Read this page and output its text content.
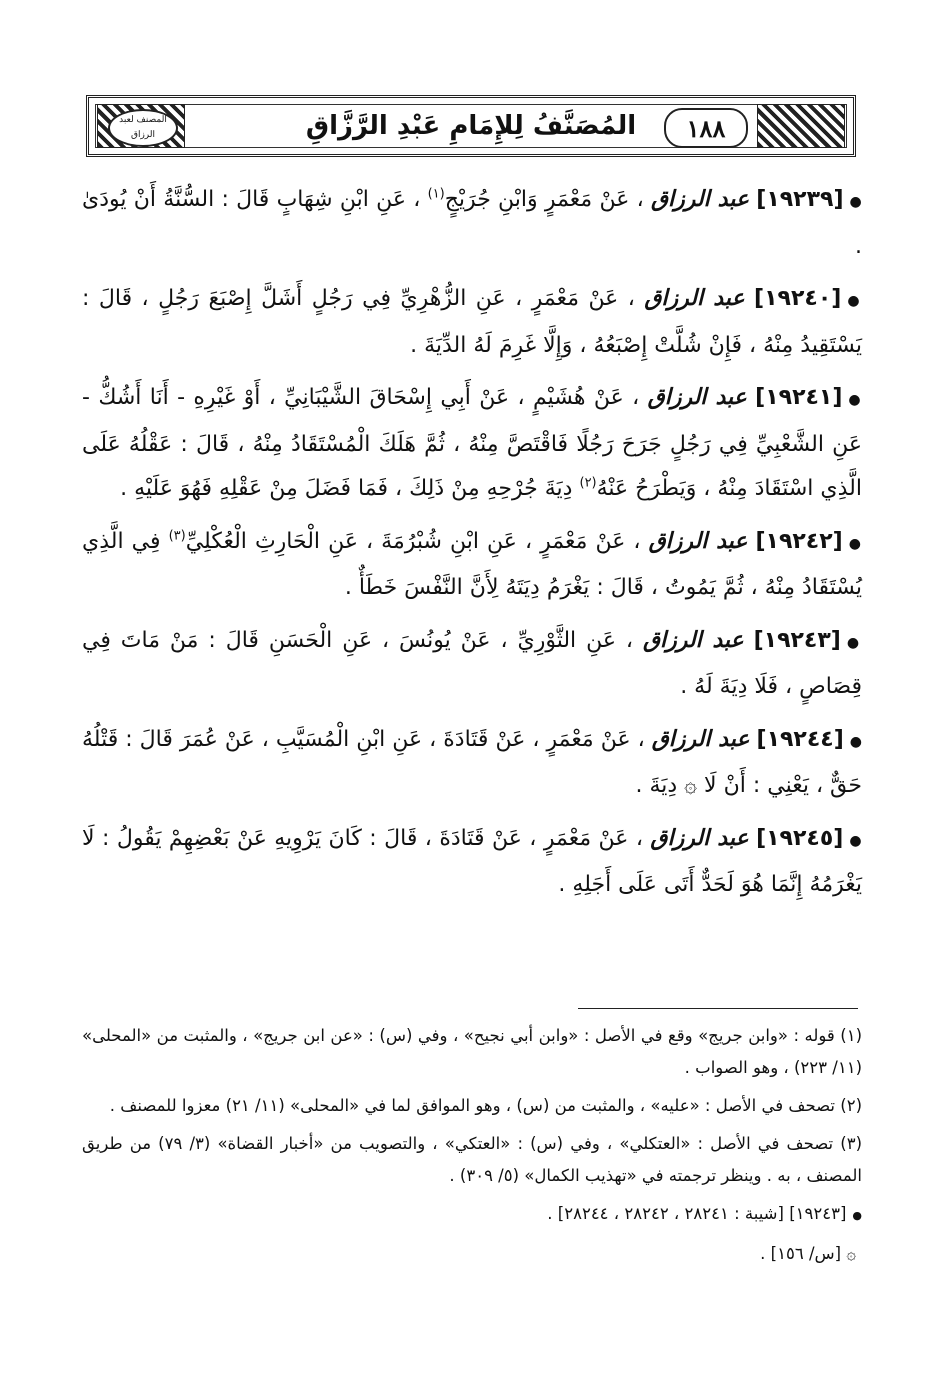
المصنف لعبد الرزاق	١٨٨
المُصَنَّفُ لِلإِمَامِ عَبْدِ الرَّزَّاقِ
●[١٩٢٣٩] عبد الرزاق ، عَنْ مَعْمَرٍ وَابْنِ جُرَيْجٍ$^{(١)}$ ، عَنِ ابْنِ شِهَابٍ قَالَ : السُّنَّةُ أَنْ يُودَىٰ .
●[١٩٢٤٠] عبد الرزاق ، عَنْ مَعْمَرٍ ، عَنِ الزُّهْرِيِّ فِي رَجُلٍ أَشَلَّ إِصْبَعَ رَجُلٍ ، قَالَ : يَسْتَقِيدُ مِنْهُ ، فَإِنْ شُلَّتْ إِصْبَعُهُ ، وَإِلَّا غَرِمَ لَهُ الدِّيَةَ .
●[١٩٢٤١] عبد الرزاق ، عَنْ هُشَيْمٍ ، عَنْ أَبِي إِسْحَاقَ الشَّيْبَانِيِّ ، أَوْ غَيْرِهِ - أَنَا أَشُكُّ - عَنِ الشَّعْبِيِّ فِي رَجُلٍ جَرَحَ رَجُلًا فَاقْتَصَّ مِنْهُ ، ثُمَّ هَلَكَ الْمُسْتَقَادُ مِنْهُ ، قَالَ : عَقْلُهُ عَلَى الَّذِي اسْتَقَادَ مِنْهُ ، وَيَطْرَحُ عَنْهُ$^{(٢)}$ دِيَةَ جُرْحِهِ مِنْ ذَلِكَ ، فَمَا فَضَلَ مِنْ عَقْلِهِ فَهُوَ عَلَيْهِ .
●[١٩٢٤٢] عبد الرزاق ، عَنْ مَعْمَرٍ ، عَنِ ابْنِ شُبْرُمَةَ ، عَنِ الْحَارِثِ الْعُكْلِيِّ$^{(٣)}$ فِي الَّذِي يُسْتَقَادُ مِنْهُ ، ثُمَّ يَمُوتُ ، قَالَ : يَغْرَمُ دِيَتَهُ لِأَنَّ النَّفْسَ خَطَأٌ .
●[١٩٢٤٣] عبد الرزاق ، عَنِ الثَّوْرِيِّ ، عَنْ يُونُسَ ، عَنِ الْحَسَنِ قَالَ : مَنْ مَاتَ فِي قِصَاصٍ ، فَلَا دِيَةَ لَهُ .
●[١٩٢٤٤] عبد الرزاق ، عَنْ مَعْمَرٍ ، عَنْ قَتَادَةَ ، عَنِ ابْنِ الْمُسَيَّبِ ، عَنْ عُمَرَ قَالَ : قَتْلُهُ حَقٌّ ، يَعْنِي : أَنْ لَا ۞ دِيَةَ .
●[١٩٢٤٥] عبد الرزاق ، عَنْ مَعْمَرٍ ، عَنْ قَتَادَةَ ، قَالَ : كَانَ يَرْوِيهِ عَنْ بَعْضِهِمْ يَقُولُ : لَا يَغْرَمُهُ إِنَّمَا هُوَ لَحَدٌّ أَتَى عَلَى أَجَلِهِ .
(١) قوله : «وابن جريج» وقع في الأصل : «وابن أبي نجيح» ، وفي (س) : «عن ابن جريج» ، والمثبت من «المحلى» (١١/ ٢٢٣) ، وهو الصواب .
(٢) تصحف في الأصل : «عليه» ، والمثبت من (س) ، وهو الموافق لما في «المحلى» (١١/ ٢١) معزوا للمصنف .
(٣) تصحف في الأصل : «العتكلي» ، وفي (س) : «العتكي» ، والتصويب من «أخبار القضاة» (٣/ ٧٩) من طريق المصنف ، به . وينظر ترجمته في «تهذيب الكمال» (٥/ ٣٠٩) .
●[١٩٢٤٣] [شيبة : ٢٨٢٤١ ، ٢٨٢٤٢ ، ٢٨٢٤٤] .
۞ [س/ ١٥٦] .
